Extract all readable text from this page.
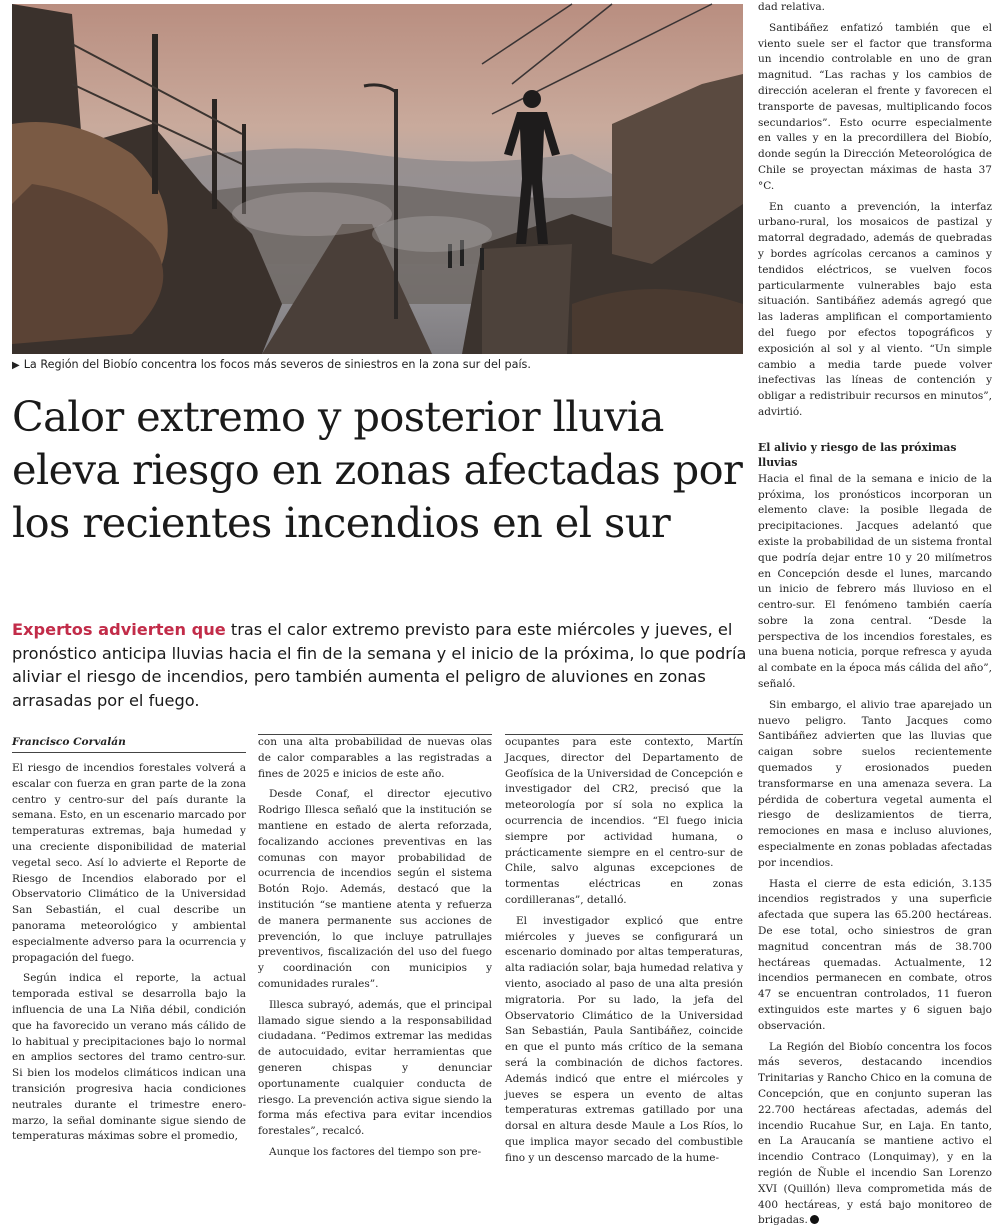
▶ La Región del Biobío concentra los focos más severos de siniestros en la zona sur del país.
Calor extremo y posterior lluvia eleva riesgo en zonas afectadas por los recientes incendios en el sur

Expertos advierten que tras el calor extremo previsto para este miércoles y jueves, el pronóstico anticipa lluvias hacia el fin de la semana y el inicio de la próxima, lo que podría aliviar el riesgo de incendios, pero también aumenta el peligro de aluviones en zonas arrasadas por el fuego.

Francisco Corvalán

El riesgo de incendios forestales volverá a escalar con fuerza en gran parte de la zona centro y centro-sur del país durante la semana. Esto, en un escenario marcado por temperaturas extremas, baja humedad y una creciente disponibilidad de material vegetal seco. Así lo advierte el Reporte de Riesgo de Incendios elaborado por el Observatorio Climático de la Universidad San Sebastián, el cual describe un panorama meteorológico y ambiental especialmente adverso para la ocurrencia y propagación del fuego.

Según indica el reporte, la actual temporada estival se desarrolla bajo la influencia de una La Niña débil, condición que ha favorecido un verano más cálido de lo habitual y precipitaciones bajo lo normal en amplios sectores del tramo centro-sur. Si bien los modelos climáticos indican una transición progresiva hacia condiciones neutrales durante el trimestre enero-marzo, la señal dominante sigue siendo de temperaturas máximas sobre el promedio,

con una alta probabilidad de nuevas olas de calor comparables a las registradas a fines de 2025 e inicios de este año.

Desde Conaf, el director ejecutivo Rodrigo Illesca señaló que la institución se mantiene en estado de alerta reforzada, focalizando acciones preventivas en las comunas con mayor probabilidad de ocurrencia de incendios según el sistema Botón Rojo. Además, destacó que la institución “se mantiene atenta y refuerza de manera permanente sus acciones de prevención, lo que incluye patrullajes preventivos, fiscalización del uso del fuego y coordinación con municipios y comunidades rurales”.

Illesca subrayó, además, que el principal llamado sigue siendo a la responsabilidad ciudadana. “Pedimos extremar las medidas de autocuidado, evitar herramientas que generen chispas y denunciar oportunamente cualquier conducta de riesgo. La prevención activa sigue siendo la forma más efectiva para evitar incendios forestales”, recalcó.

Aunque los factores del tiempo son pre-

ocupantes para este contexto, Martín Jacques, director del Departamento de Geofísica de la Universidad de Concepción e investigador del CR2, precisó que la meteorología por sí sola no explica la ocurrencia de incendios. “El fuego inicia siempre por actividad humana, o prácticamente siempre en el centro-sur de Chile, salvo algunas excepciones de tormentas eléctricas en zonas cordilleranas”, detalló.

El investigador explicó que entre miércoles y jueves se configurará un escenario dominado por altas temperaturas, alta radiación solar, baja humedad relativa y viento, asociado al paso de una alta presión migratoria. Por su lado, la jefa del Observatorio Climático de la Universidad San Sebastián, Paula Santibáñez, coincide en que el punto más crítico de la semana será la combinación de dichos factores. Además indicó que entre el miércoles y jueves se espera un evento de altas temperaturas extremas gatillado por una dorsal en altura desde Maule a Los Ríos, lo que implica mayor secado del combustible fino y un descenso marcado de la hume-

dad relativa.

Santibáñez enfatizó también que el viento suele ser el factor que transforma un incendio controlable en uno de gran magnitud. “Las rachas y los cambios de dirección aceleran el frente y favorecen el transporte de pavesas, multiplicando focos secundarios”. Esto ocurre especialmente en valles y en la precordillera del Biobío, donde según la Dirección Meteorológica de Chile se proyectan máximas de hasta 37 °C.

En cuanto a prevención, la interfaz urbano-rural, los mosaicos de pastizal y matorral degradado, además de quebradas y bordes agrícolas cercanos a caminos y tendidos eléctricos, se vuelven focos particularmente vulnerables bajo esta situación. Santibáñez además agregó que las laderas amplifican el comportamiento del fuego por efectos topográficos y exposición al sol y al viento. “Un simple cambio a media tarde puede volver inefectivas las líneas de contención y obligar a redistribuir recursos en minutos”, advirtió.

El alivio y riesgo de las próximas lluvias

Hacia el final de la semana e inicio de la próxima, los pronósticos incorporan un elemento clave: la posible llegada de precipitaciones. Jacques adelantó que existe la probabilidad de un sistema frontal que podría dejar entre 10 y 20 milímetros en Concepción desde el lunes, marcando un inicio de febrero más lluvioso en el centro-sur. El fenómeno también caería sobre la zona central. “Desde la perspectiva de los incendios forestales, es una buena noticia, porque refresca y ayuda al combate en la época más cálida del año”, señaló.

Sin embargo, el alivio trae aparejado un nuevo peligro. Tanto Jacques como Santibáñez advierten que las lluvias que caigan sobre suelos recientemente quemados y erosionados pueden transformarse en una amenaza severa. La pérdida de cobertura vegetal aumenta el riesgo de deslizamientos de tierra, remociones en masa e incluso aluviones, especialmente en zonas pobladas afectadas por incendios.

Hasta el cierre de esta edición, 3.135 incendios registrados y una superficie afectada que supera las 65.200 hectáreas. De ese total, ocho siniestros de gran magnitud concentran más de 38.700 hectáreas quemadas. Actualmente, 12 incendios permanecen en combate, otros 47 se encuentran controlados, 11 fueron extinguidos este martes y 6 siguen bajo observación.

La Región del Biobío concentra los focos más severos, destacando incendios Trinitarias y Rancho Chico en la comuna de Concepción, que en conjunto superan las 22.700 hectáreas afectadas, además del incendio Rucahue Sur, en Laja. En tanto, en La Araucanía se mantiene activo el incendio Contraco (Lonquimay), y en la región de Ñuble el incendio San Lorenzo XVI (Quillón) lleva comprometida más de 400 hectáreas, y está bajo monitoreo de brigadas.
